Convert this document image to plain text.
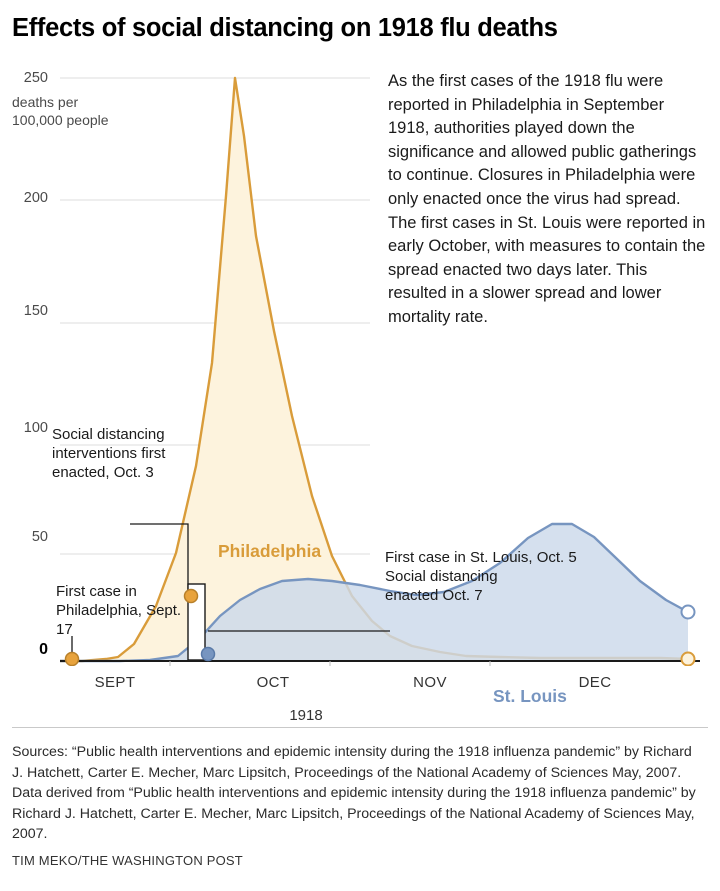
Effects of social distancing on 1918 flu deaths
250
deaths per
100,000 people
200
150
100
50
0
Philadelphia
St. Louis
SEPT	OCT	NOV	DEC
1918
As the first cases of the 1918 flu were reported in Philadelphia in September 1918, authorities played down the significance and allowed public gatherings to continue. Closures in Philadelphia were only enacted once the virus had spread. The first cases in St. Louis were reported in early October, with measures to contain the spread enacted two days later. This resulted in a slower spread and lower mortality rate.
Social distancing interventions first enacted, Oct. 3
First case in Philadelphia, Sept. 17
First case in St. Louis, Oct. 5
Social distancing
enacted Oct. 7
Sources: “Public health interventions and epidemic intensity during the 1918 influenza pandemic” by Richard J. Hatchett, Carter E. Mecher, Marc Lipsitch, Proceedings of the National Academy of Sciences May, 2007. Data derived from “Public health interventions and epidemic intensity during the 1918 influenza pandemic” by Richard J. Hatchett, Carter E. Mecher, Marc Lipsitch, Proceedings of the National Academy of Sciences May, 2007.
TIM MEKO/THE WASHINGTON POST
